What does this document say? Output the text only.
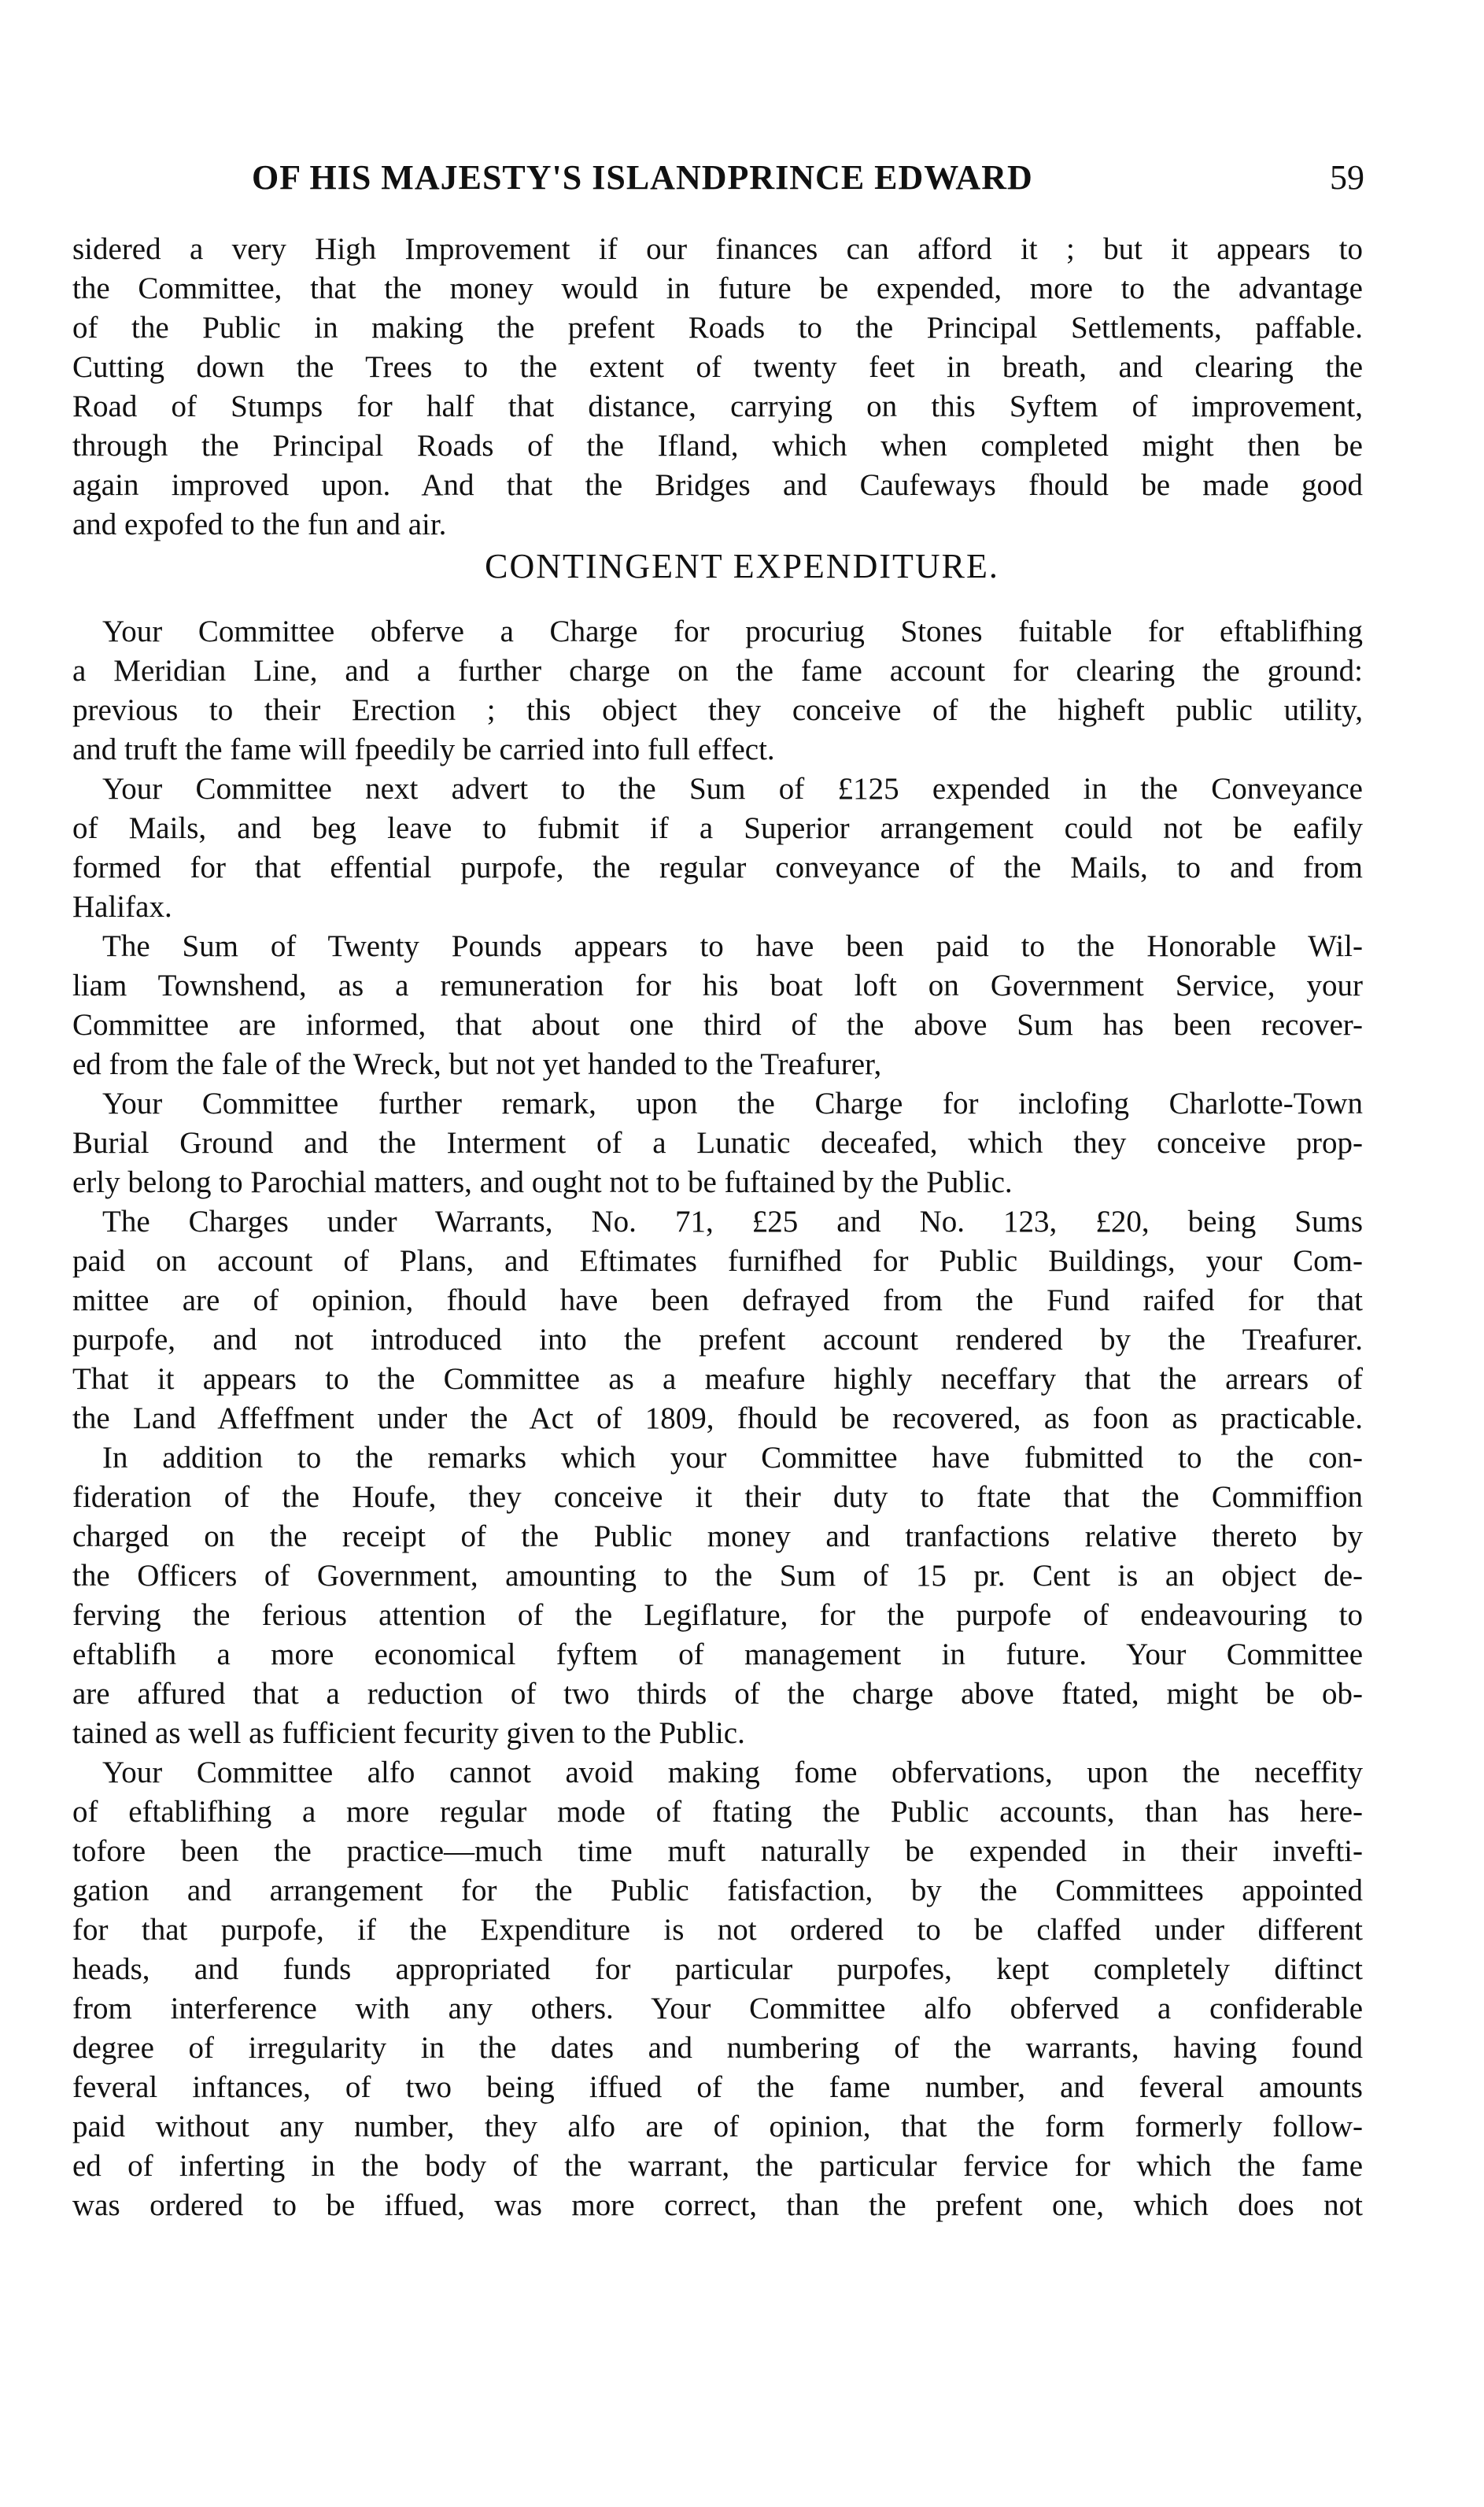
OF HIS MAJESTY'S ISLANDPRINCE EDWARD	59
sidered a very High Improvement if our finances can afford it ; but it appears to
the Committee, that the money would in future be expended, more to the advantage
of the Public in making the prefent Roads to the Principal Settlements, paffable.
Cutting down the Trees to the extent of twenty feet in breath, and clearing the
Road of Stumps for half that distance, carrying on this Syftem of improvement,
through the Principal Roads of the Ifland, which when completed might then be
again improved upon. And that the Bridges and Caufeways fhould be made good
and expofed to the fun and air.
CONTINGENT EXPENDITURE.
Your Committee obferve a Charge for procuriug Stones fuitable for eftablifhing
a Meridian Line, and a further charge on the fame account for clearing the ground:
previous to their Erection ; this object they conceive of the higheft public utility,
and truft the fame will fpeedily be carried into full effect.
Your Committee next advert to the Sum of £125 expended in the Conveyance
of Mails, and beg leave to fubmit if a Superior arrangement could not be eafily
formed for that effential purpofe, the regular conveyance of the Mails, to and from
Halifax.
The Sum of Twenty Pounds appears to have been paid to the Honorable Wil-
liam Townshend, as a remuneration for his boat loft on Government Service, your
Committee are informed, that about one third of the above Sum has been recover-
ed from the fale of the Wreck, but not yet handed to the Treafurer,
Your Committee further remark, upon the Charge for inclofing Charlotte-Town
Burial Ground and the Interment of a Lunatic deceafed, which they conceive prop-
erly belong to Parochial matters, and ought not to be fuftained by the Public.
The Charges under Warrants, No. 71, £25 and No. 123, £20, being Sums
paid on account of Plans, and Eftimates furnifhed for Public Buildings, your Com-
mittee are of opinion, fhould have been defrayed from the Fund raifed for that
purpofe, and not introduced into the prefent account rendered by the Treafurer.
That it appears to the Committee as a meafure highly neceffary that the arrears of
the Land Affeffment under the Act of 1809, fhould be recovered, as foon as practicable.
In addition to the remarks which your Committee have fubmitted to the con-
fideration of the Houfe, they conceive it their duty to ftate that the Commiffion
charged on the receipt of the Public money and tranfactions relative thereto by
the Officers of Government, amounting to the Sum of 15 pr. Cent is an object de-
ferving the ferious attention of the Legiflature, for the purpofe of endeavouring to
eftablifh a more economical fyftem of management in future. Your Committee
are affured that a reduction of two thirds of the charge above ftated, might be ob-
tained as well as fufficient fecurity given to the Public.
Your Committee alfo cannot avoid making fome obfervations, upon the neceffity
of eftablifhing a more regular mode of ftating the Public accounts, than has here-
tofore been the practice—much time muft naturally be expended in their invefti-
gation and arrangement for the Public fatisfaction, by the Committees appointed
for that purpofe, if the Expenditure is not ordered to be claffed under different
heads, and funds appropriated for particular purpofes, kept completely diftinct
from interference with any others. Your Committee alfo obferved a confiderable
degree of irregularity in the dates and numbering of the warrants, having found
feveral inftances, of two being iffued of the fame number, and feveral amounts
paid without any number, they alfo are of opinion, that the form formerly follow-
ed of inferting in the body of the warrant, the particular fervice for which the fame
was ordered to be iffued, was more correct, than the prefent one, which does not
